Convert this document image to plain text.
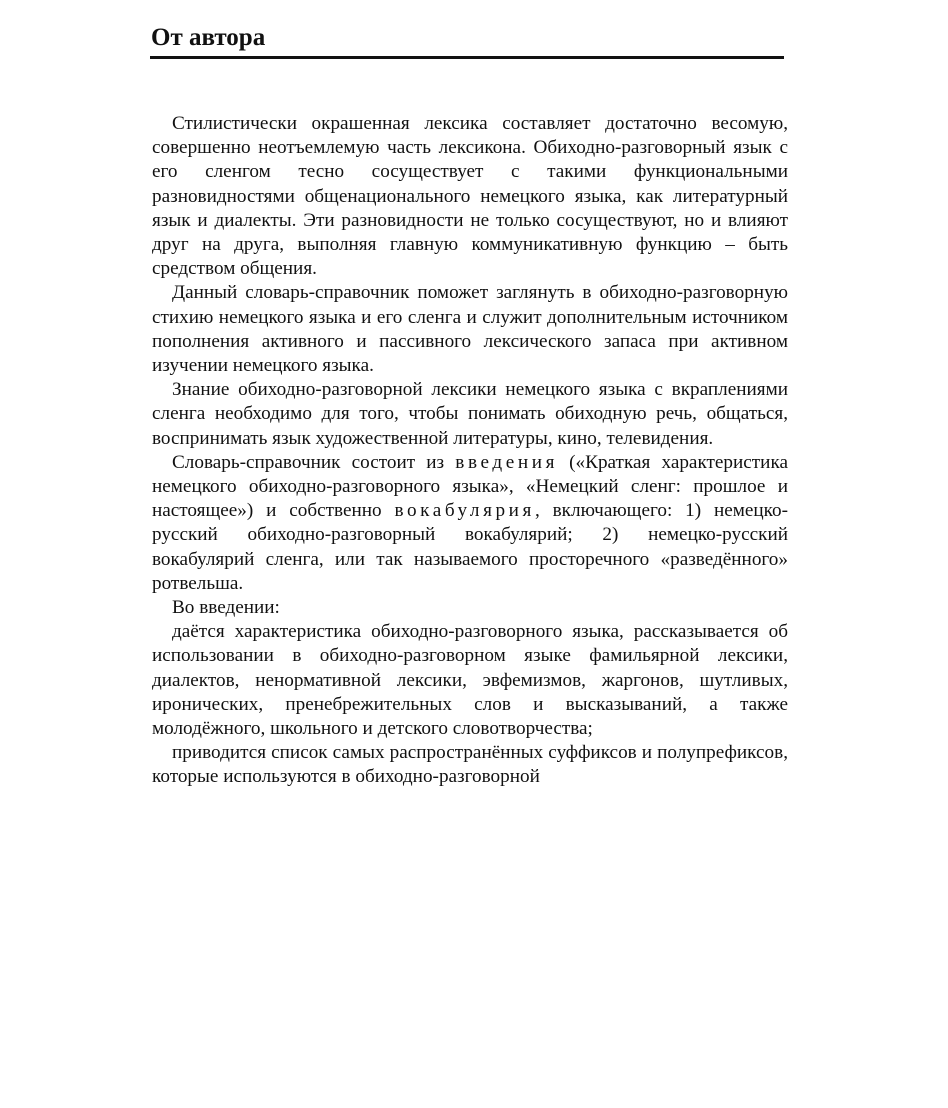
От автора

Стилистически окрашенная лексика составляет достаточно весомую, совершенно неотъемлемую часть лексикона. Обиходно-разговорный язык с его сленгом тесно сосуществует с такими функциональными разновидностями общенационального немецкого языка, как литературный язык и диалекты. Эти разновидности не только сосуществуют, но и влияют друг на друга, выполняя главную коммуникативную функцию – быть средством общения.

Данный словарь-справочник поможет заглянуть в обиходно-разговорную стихию немецкого языка и его сленга и служит дополнительным источником пополнения активного и пассивного лексического запаса при активном изучении немецкого языка.

Знание обиходно-разговорной лексики немецкого языка с вкраплениями сленга необходимо для того, чтобы понимать обиходную речь, общаться, воспринимать язык художественной литературы, кино, телевидения.

Словарь-справочник состоит из введения («Краткая характеристика немецкого обиходно-разговорного языка», «Немецкий сленг: прошлое и настоящее») и собственно вокабулярия, включающего: 1) немецко-русский обиходно-разговорный вокабулярий; 2) немецко-русский вокабулярий сленга, или так называемого просторечного «разведённого» ротвельша.

Во введении:

даётся характеристика обиходно-разговорного языка, рассказывается об использовании в обиходно-разговорном языке фамильярной лексики, диалектов, ненормативной лексики, эвфемизмов, жаргонов, шутливых, иронических, пренебрежительных слов и высказываний, а также молодёжного, школьного и детского словотворчества;

приводится список самых распространённых суффиксов и полупрефиксов, которые используются в обиходно-разговорной
